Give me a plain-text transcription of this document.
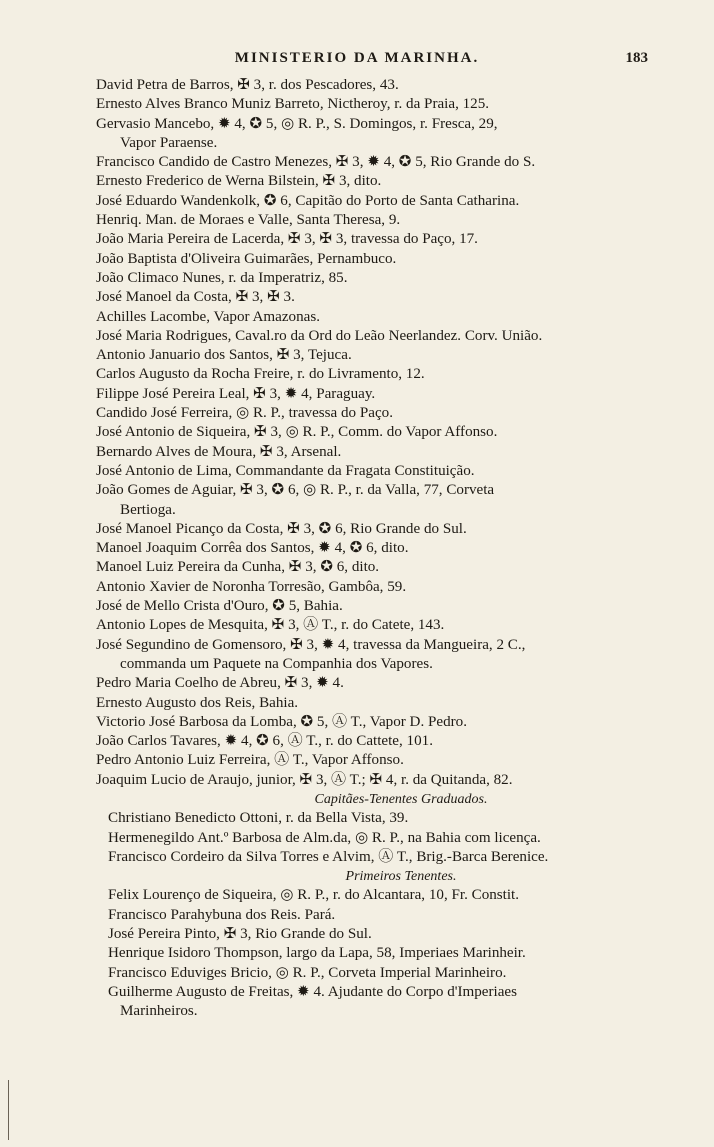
MINISTERIO DA MARINHA.	183
David Petra de Barros, ✠ 3, r. dos Pescadores, 43.
Ernesto Alves Branco Muniz Barreto, Nictheroy, r. da Praia, 125.
Gervasio Mancebo, ✹ 4, ✪ 5, ◎ R. P., S. Domingos, r. Fresca, 29,
Vapor Paraense.
Francisco Candido de Castro Menezes, ✠ 3, ✹ 4, ✪ 5, Rio Grande do S.
Ernesto Frederico de Werna Bilstein, ✠ 3, dito.
José Eduardo Wandenkolk, ✪ 6, Capitão do Porto de Santa Catharina.
Henriq. Man. de Moraes e Valle, Santa Theresa, 9.
João Maria Pereira de Lacerda, ✠ 3, ✠ 3, travessa do Paço, 17.
João Baptista d'Oliveira Guimarães, Pernambuco.
João Climaco Nunes, r. da Imperatriz, 85.
José Manoel da Costa, ✠ 3, ✠ 3.
Achilles Lacombe, Vapor Amazonas.
José Maria Rodrigues, Caval.ro da Ord do Leão Neerlandez. Corv. União.
Antonio Januario dos Santos, ✠ 3, Tejuca.
Carlos Augusto da Rocha Freire, r. do Livramento, 12.
Filippe José Pereira Leal, ✠ 3, ✹ 4, Paraguay.
Candido José Ferreira, ◎ R. P., travessa do Paço.
José Antonio de Siqueira, ✠ 3, ◎ R. P., Comm. do Vapor Affonso.
Bernardo Alves de Moura, ✠ 3, Arsenal.
José Antonio de Lima, Commandante da Fragata Constituição.
João Gomes de Aguiar, ✠ 3, ✪ 6, ◎ R. P., r. da Valla, 77, Corveta
Bertioga.
José Manoel Picanço da Costa, ✠ 3, ✪ 6, Rio Grande do Sul.
Manoel Joaquim Corrêa dos Santos, ✹ 4, ✪ 6, dito.
Manoel Luiz Pereira da Cunha, ✠ 3, ✪ 6, dito.
Antonio Xavier de Noronha Torresão, Gambôa, 59.
José de Mello Crista d'Ouro, ✪ 5, Bahia.
Antonio Lopes de Mesquita, ✠ 3, Ⓐ T., r. do Catete, 143.
José Segundino de Gomensoro, ✠ 3, ✹ 4, travessa da Mangueira, 2 C.,
commanda um Paquete na Companhia dos Vapores.
Pedro Maria Coelho de Abreu, ✠ 3, ✹ 4.
Ernesto Augusto dos Reis, Bahia.
Victorio José Barbosa da Lomba, ✪ 5, Ⓐ T., Vapor D. Pedro.
João Carlos Tavares, ✹ 4, ✪ 6, Ⓐ T., r. do Cattete, 101.
Pedro Antonio Luiz Ferreira, Ⓐ T., Vapor Affonso.
Joaquim Lucio de Araujo, junior, ✠ 3, Ⓐ T.; ✠ 4, r. da Quitanda, 82.
Capitães-Tenentes Graduados.
Christiano Benedicto Ottoni, r. da Bella Vista, 39.
Hermenegildo Ant.º Barbosa de Alm.da, ◎ R. P., na Bahia com licença.
Francisco Cordeiro da Silva Torres e Alvim, Ⓐ T., Brig.-Barca Berenice.
Primeiros Tenentes.
Felix Lourenço de Siqueira, ◎ R. P., r. do Alcantara, 10, Fr. Constit.
Francisco Parahybuna dos Reis. Pará.
José Pereira Pinto, ✠ 3, Rio Grande do Sul.
Henrique Isidoro Thompson, largo da Lapa, 58, Imperiaes Marinheir.
Francisco Eduviges Bricio, ◎ R. P., Corveta Imperial Marinheiro.
Guilherme Augusto de Freitas, ✹ 4. Ajudante do Corpo d'Imperiaes
Marinheiros.
